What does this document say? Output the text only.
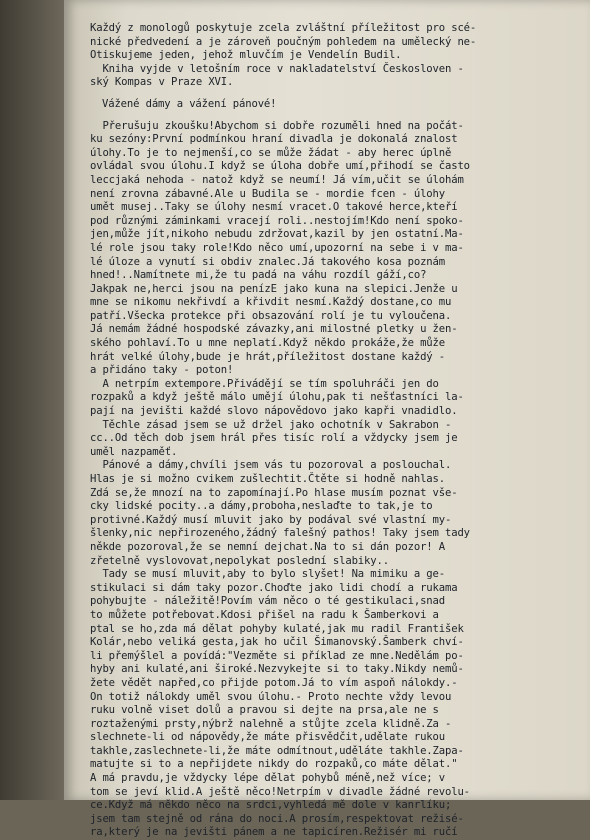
Každý z monologů poskytuje zcela zvláštní příležitost pro scé-
nické předvedení a je zároveň poučným pohledem na umělecký ne-
Otiskujeme jeden, jehož mluvčím je Vendelín Budil.
Kniha vyjde v letošním roce v nakladatelství Českosloven -
ský Kompas v Praze XVI.
Vážené dámy a vážení pánové!
Přerušuju zkoušku!Abychom si dobře rozuměli hned na počát-
ku sezóny:První podmínkou hraní divadla je dokonalá znalost
úlohy.To je to nejmenší,co se může žádat - aby herec úplně
ovládal svou úlohu.I když se úloha dobře umí,přihodí se často
leccjaká nehoda - natož když se neumí! Já vím,učit se úlohám
není zrovna zábavné.Ale u Budila se - mordie fcen - úlohy
umět musej..Taky se úlohy nesmí vracet.O takové herce,kteří
pod různými záminkami vracejí roli..nestojím!Kdo není spoko-
jen,může jít,nikoho nebudu zdržovat,kazil by jen ostatní.Ma-
lé role jsou taky role!Kdo něco umí,upozorní na sebe i v ma-
lé úloze a vynutí si obdiv znalec.Já takového kosa poznám
hned!..Namítnete mi,že tu padá na váhu rozdíl gáží,co?
Jakpak ne,herci jsou na penízE jako kuna na slepici.Jenže u
mne se nikomu nekřivdí a křivdit nesmí.Každý dostane,co mu
patří.Všecka protekce při obsazování rolí je tu vyloučena.
Já nemám žádné hospodské závazky,ani milostné pletky u žen-
ského pohlaví.To u mne neplatí.Když někdo prokáže,že může
hrát velké úlohy,bude je hrát,příležitost dostane každý -
a přidáno taky - poton!
A netrpím extempore.Přivádějí se tím spoluhráči jen do
rozpaků a když ještě málo umějí úlohu,pak ti nešťastníci la-
pají na jevišti každé slovo nápovědovo jako kapři vnadidlo.
Těchle zásad jsem se už držel jako ochotník v Sakrabon -
cc..Od těch dob jsem hrál přes tisíc rolí a vždycky jsem je
uměl nazpaměť.
Pánové a dámy,chvíli jsem vás tu pozoroval a poslouchal.
Hlas je si možno cvikem zušlechtit.Čtěte si hodně nahlas.
Zdá se,že mnozí na to zapomínají.Po hlase musím poznat vše-
cky lidské pocity..a dámy,proboha,neslaďte to tak,je to
protivné.Každý musí mluvit jako by podával své vlastní my-
šlenky,nic nepřirozeného,žádný falešný pathos! Taky jsem tady
někde pozoroval,že se nemní dejchat.Na to si dán pozor! A
zřetelně vyslovovat,nepolykat poslední slabiky..
Tady se musí mluvit,aby to bylo slyšet! Na mimiku a ge-
stikulaci si dám taky pozor.Choďte jako lidi chodí a rukama
pohybujte - náležitě!Povím vám něco o té gestikulaci,snad
to můžete potřebovat.Kdosi přišel na radu k Šamberkovi a
ptal se ho,zda má dělat pohyby kulaté,jak mu radil František
Kolár,nebo veliká gesta,jak ho učil Šimanovský.Šamberk chví-
li přemýšlel a povídá:"Vezměte si příklad ze mne.Nedělám po-
hyby ani kulaté,ani široké.Nezvykejte si to taky.Nikdy nemů-
žete vědět napřed,co přijde potom.Já to vím aspoň nálokdy.-
On totiž nálokdy uměl svou úlohu.- Proto nechte vždy levou
ruku volně viset dolů a pravou si dejte na prsa,ale ne s
roztaženými prsty,nýbrž nalehně a stůjte zcela klidně.Za -
slechnete-li od nápovědy,že máte přisvědčit,udělate rukou
takhle,zaslechnete-li,že máte odmítnout,uděláte takhle.Zapa-
matujte si to a nepřijdete nikdy do rozpaků,co máte dělat."
A má pravdu,je vždycky lépe dělat pohybů méně,než více; v
tom se jeví klid.A ještě něco!Netrpím v divadle žádné revolu-
ce.Když má někdo něco na srdci,vyhledá mě dole v kanrlíku;
jsem tam stejně od rána do noci.A prosím,respektovat režisé-
ra,který je na jevišti pánem a ne tapicíren.Režisér mi ručí
